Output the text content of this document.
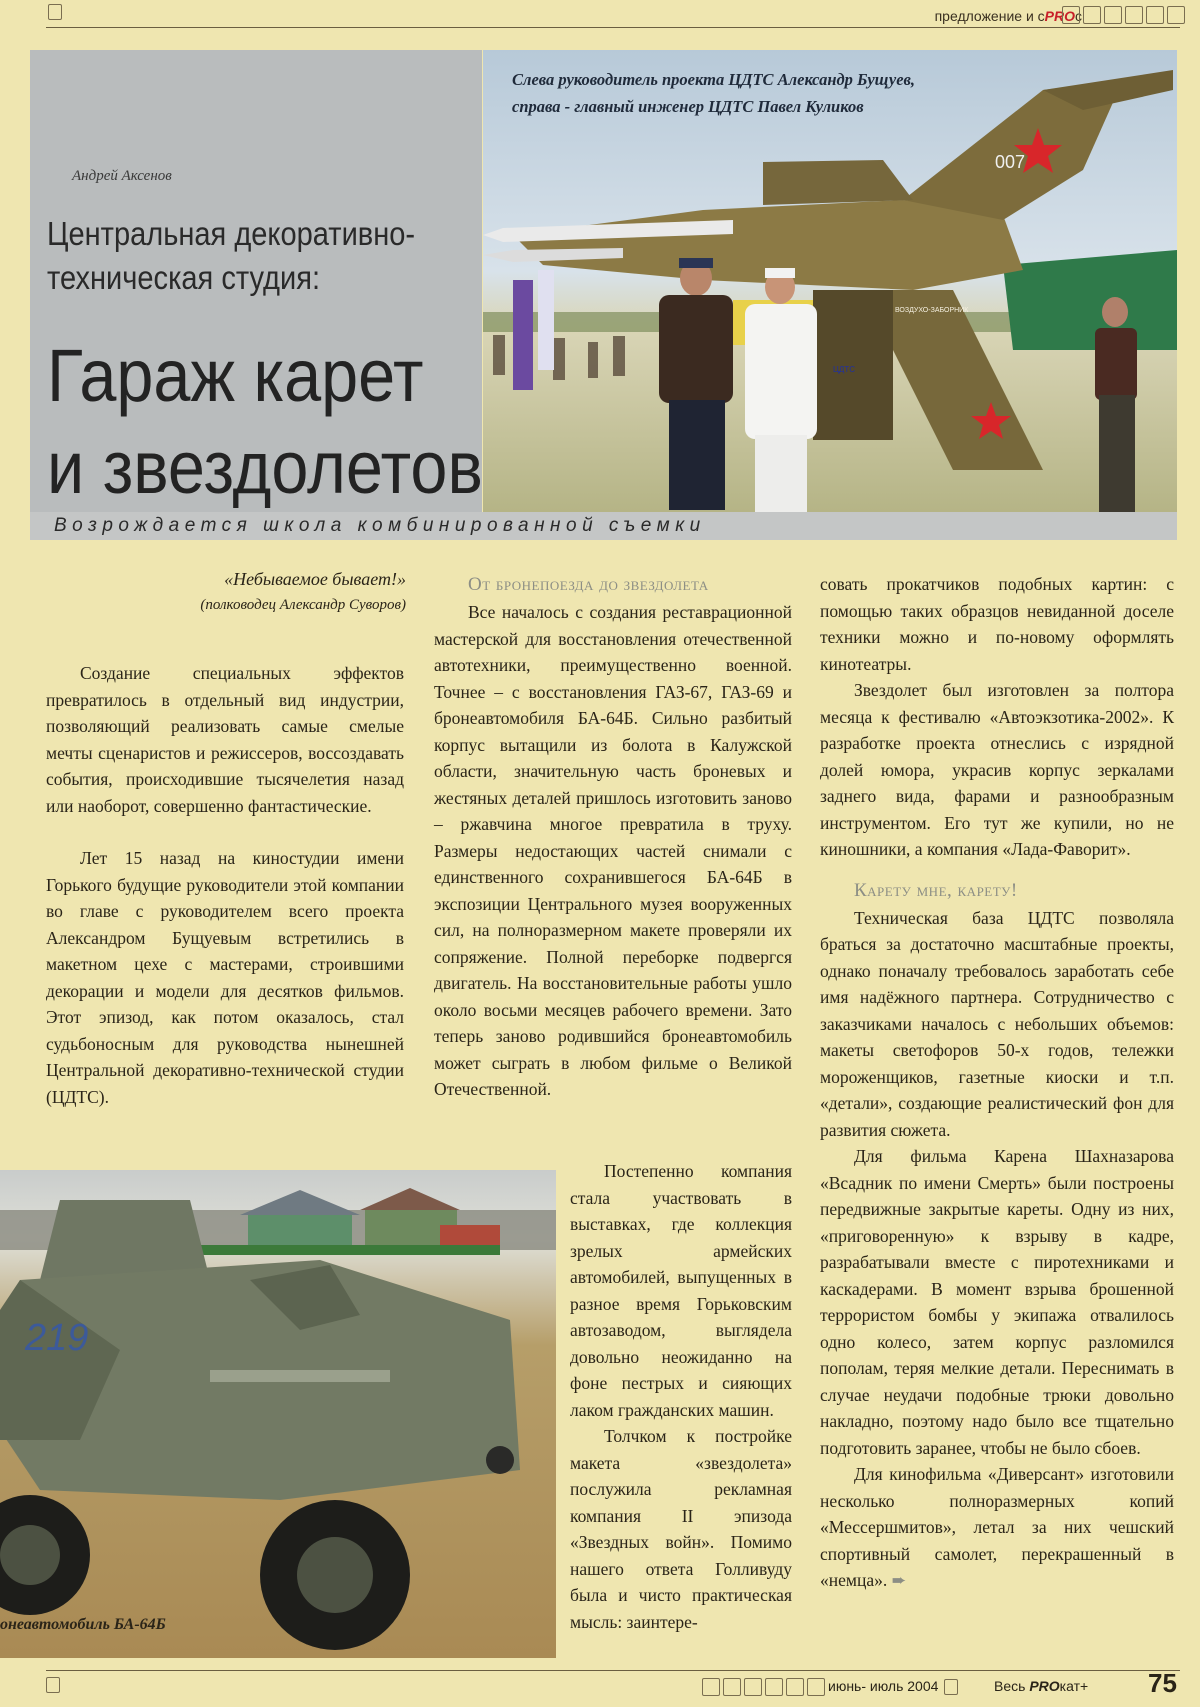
предложение и сPROс
Андрей Аксенов
Центральная декоративно-техническая студия:
Гараж карет
и звездолетов
Возрождается школа комбинированной съемки
007
ВОЗДУХО-ЗАБОРНИК
ЦДТС
Слева руководитель проекта ЦДТС Александр Бущуев,
справа - главный инженер ЦДТС Павел Куликов
«Небываемое бывает!»
(полководец Александр Суворов)

Создание специальных эффектов превратилось в отдельный вид индустрии, позволяющий реализовать самые смелые мечты сценаристов и режиссеров, воссоздавать события, происходившие тысячелетия назад или наоборот, совершенно фантастические.

Лет 15 назад на киностудии имени Горького будущие руководители этой компании во главе с руководителем всего проекта Александром Бущуевым встретились в макетном цехе с мастерами, строившими декорации и модели для десятков фильмов. Этот эпизод, как потом оказалось, стал судьбоносным для руководства нынешней Центральной декоративно-технической студии (ЦДТС).

От бронепоезда до звездолета

Все началось с создания реставрационной мастерской для восстановления отечественной автотехники, преимущественно военной. Точнее – с восстановления ГАЗ-67, ГАЗ-69 и бронеавтомобиля БА-64Б. Сильно разбитый корпус вытащили из болота в Калужской области, значительную часть броневых и жестяных деталей пришлось изготовить заново – ржавчина многое превратила в труху. Размеры недостающих частей снимали с единственного сохранившегося БА-64Б в экспозиции Центрального музея вооруженных сил, на полноразмерном макете проверяли их сопряжение. Полной переборке подвергся двигатель. На восстановительные работы ушло около восьми месяцев рабочего времени. Зато теперь заново родившийся бронеавтомобиль может сыграть в любом фильме о Великой Отечественной.

Постепенно компания стала участвовать в выставках, где коллекция зрелых армейских автомобилей, выпущенных в разное время Горьковским автозаводом, выглядела довольно неожиданно на фоне пестрых и сияющих лаком гражданских машин.

Толчком к постройке макета «звездолета» послужила рекламная компания II эпизода «Звездных войн». Помимо нашего ответа Голливуду была и чисто практическая мысль: заинтере-

совать прокатчиков подобных картин: с помощью таких образцов невиданной доселе техники можно и по-новому оформлять кинотеатры.

Звездолет был изготовлен за полтора месяца к фестивалю «Автоэкзотика-2002». К разработке проекта отнеслись с изрядной долей юмора, украсив корпус зеркалами заднего вида, фарами и разнообразным инструментом. Его тут же купили, но не киношники, а компания «Лада-Фаворит».

Карету мне, карету!

Техническая база ЦДТС позволяла браться за достаточно масштабные проекты, однако поначалу требовалось заработать себе имя надёжного партнера. Сотрудничество с заказчиками началось с небольших объемов: макеты светофоров 50-х годов, тележки мороженщиков, газетные киоски и т.п. «детали», создающие реалистический фон для развития сюжета.

Для фильма Карена Шахназарова «Всадник по имени Смерть» были построены передвижные закрытые кареты. Одну из них, «приговоренную» к взрыву в кадре, разрабатывали вместе с пиротехниками и каскадерами. В момент взрыва брошенной террористом бомбы у экипажа отвалилось одно колесо, затем корпус разломился пополам, теряя мелкие детали. Переснимать в случае неудачи подобные трюки довольно накладно, поэтому надо было все тщательно подготовить заранее, чтобы не было сбоев.

Для кинофильма «Диверсант» изготовили несколько полноразмерных копий «Мессершмитов», летал за них чешский спортивный самолет, перекрашенный в «немца». ➨

219
онеавтомобиль БА-64Б
июнь- июль 2004	Весь PROкат+ 75
